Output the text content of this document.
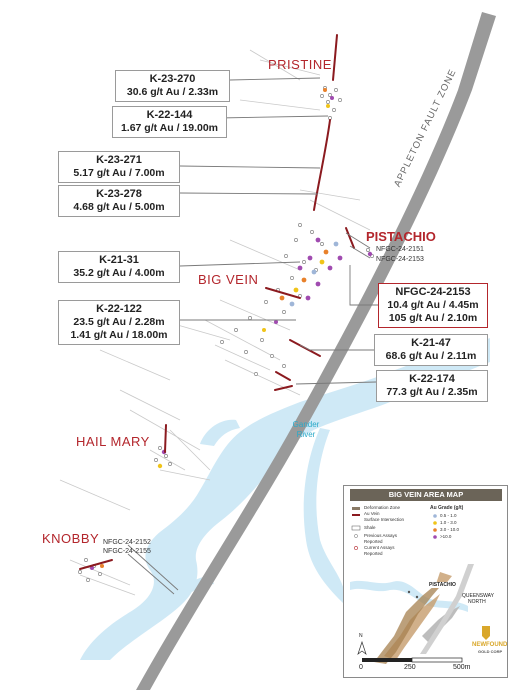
PRISTINE
BIG VEIN
HAIL MARY
KNOBBY
PISTACHIO
NFGC-24-2151
NFGC-24-2153
NFGC-24-2152
NFGC-24-2155
APPLETON FAULT ZONE
Gander
River
K-23-270
30.6 g/t Au / 2.33m
K-22-144
1.67 g/t Au / 19.00m
K-23-271
5.17 g/t Au / 7.00m
K-23-278
4.68 g/t Au / 5.00m
K-21-31
35.2 g/t Au / 4.00m
K-22-122
23.5 g/t Au / 2.28m
1.41 g/t Au / 18.00m
NFGC-24-2153
10.4 g/t Au / 4.45m
105 g/t Au / 2.10m
K-21-47
68.6 g/t Au / 2.11m
K-22-174
77.3 g/t Au / 2.35m
BIG VEIN AREA MAP
Deformation Zone
Au Vein
Surface Intersection
Shale
Previous Assays
Reported
Current Assays
Reported
Au Grade (g/t)
0.5 - 1.0
1.0 - 3.0
3.0 - 10.0
>10.0
PISTACHIO
QUEENSWAY
NORTH
N
0	250	500m
NEWFOUND
GOLD CORP
